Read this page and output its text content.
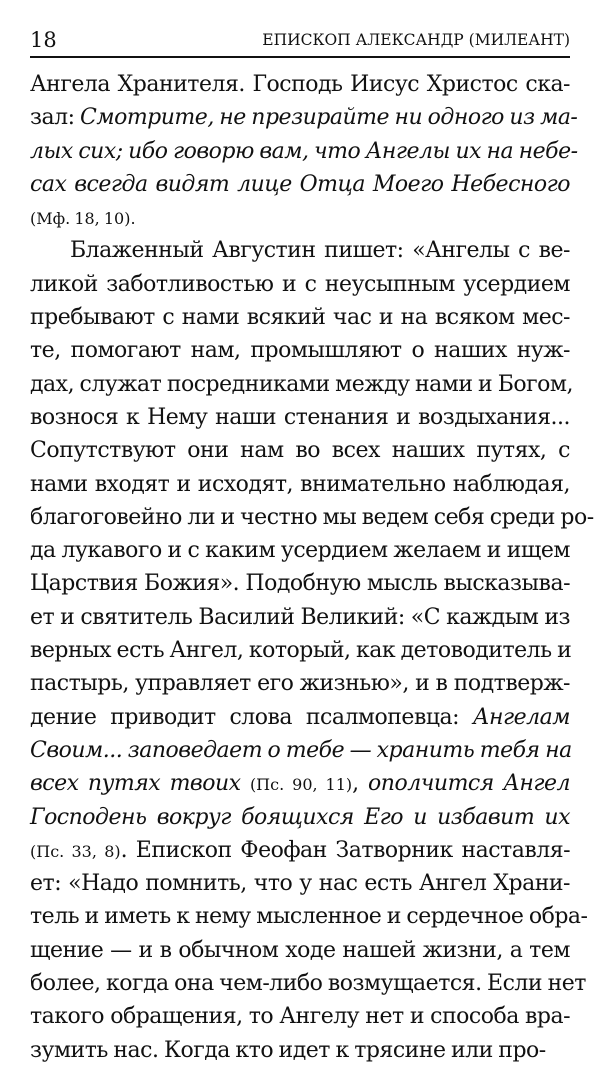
18	ЕПИСКОП АЛЕКСАНДР (МИЛЕАНТ)
Ангела Хранителя. Господь Иисус Христос ска-
зал: Смотрите, не презирайте ни одного из ма-
лых сих; ибо говорю вам, что Ангелы их на небе-
сах всегда видят лице Отца Моего Небесного
(Мф. 18, 10).
Блаженный Августин пишет: «Ангелы с ве-
ликой заботливостью и с неусыпным усердием
пребывают с нами всякий час и на всяком мес-
те, помогают нам, промышляют о наших нуж-
дах, служат посредниками между нами и Богом,
вознося к Нему наши стенания и воздыхания...
Сопутствуют они нам во всех наших путях, с
нами входят и исходят, внимательно наблюдая,
благоговейно ли и честно мы ведем себя среди ро-
да лукавого и с каким усердием желаем и ищем
Царствия Божия». Подобную мысль высказыва-
ет и святитель Василий Великий: «С каждым из
верных есть Ангел, который, как детоводитель и
пастырь, управляет его жизнью», и в подтверж-
дение приводит слова псалмопевца: Ангелам
Своим... заповедает о тебе — хранить тебя на
всех путях твоих (Пс. 90, 11), ополчится Ангел
Господень вокруг боящихся Его и избавит их
(Пс. 33, 8). Епископ Феофан Затворник наставля-
ет: «Надо помнить, что у нас есть Ангел Храни-
тель и иметь к нему мысленное и сердечное обра-
щение — и в обычном ходе нашей жизни, а тем
более, когда она чем-либо возмущается. Если нет
такого обращения, то Ангелу нет и способа вра-
зумить нас. Когда кто идет к трясине или про-
